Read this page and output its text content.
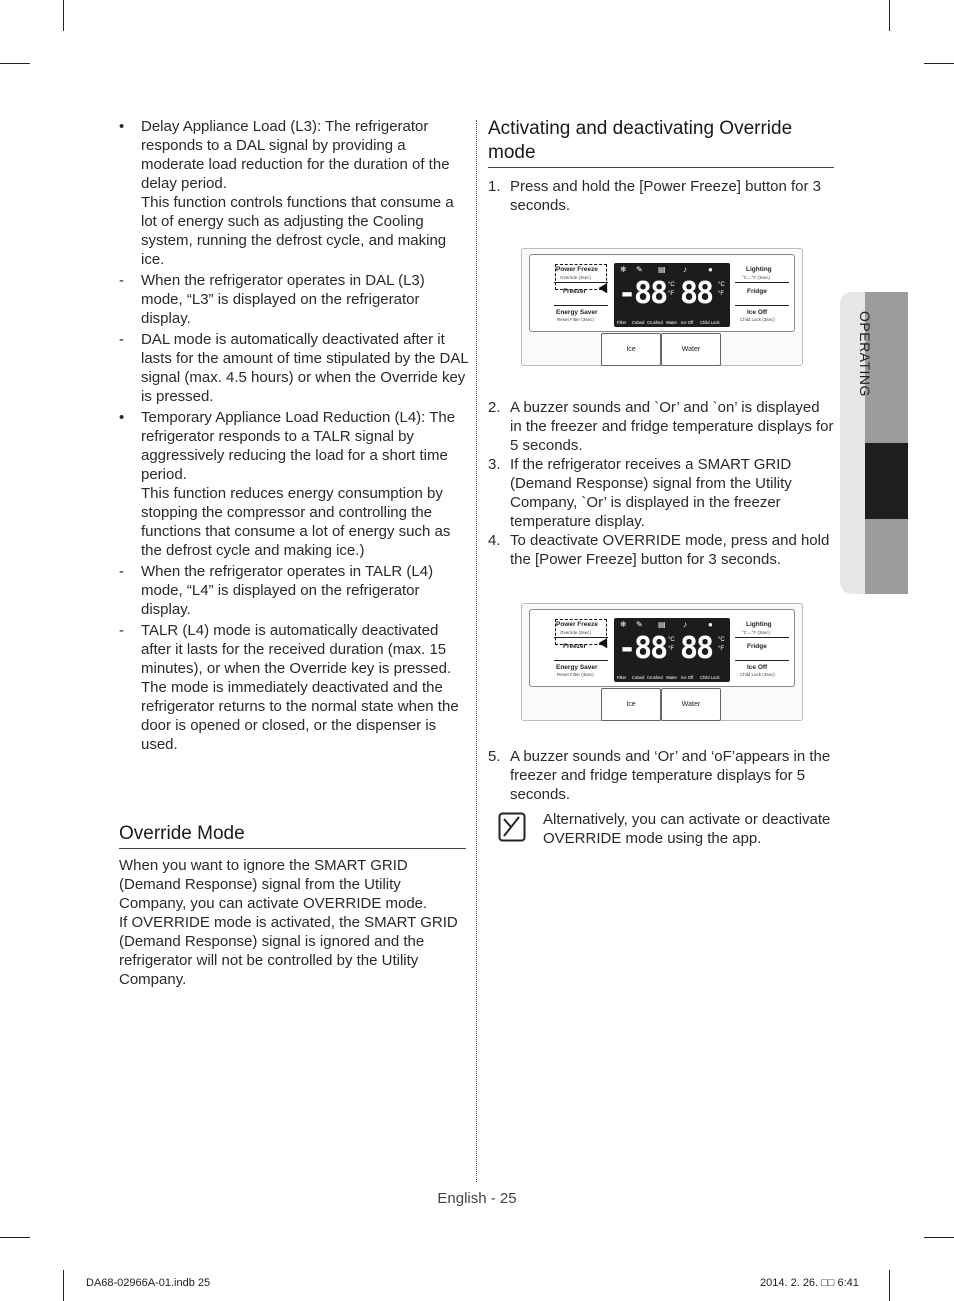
•	Delay Appliance Load (L3): The refrigerator responds to a DAL signal by providing a moderate load reduction for the duration of the delay period.

This function controls functions that consume a lot of energy such as adjusting the Cooling system, running the defrost cycle, and making ice.

-	When the refrigerator operates in DAL (L3) mode, “L3” is displayed on the refrigerator display.

-	DAL mode is automatically deactivated after it lasts for the amount of time stipulated by the DAL signal (max. 4.5 hours) or when the Override key is pressed.

•	Temporary Appliance Load Reduction (L4): The refrigerator responds to a TALR signal by aggressively reducing the load for a short time period.

This function reduces energy consumption by stopping the compressor and controlling the functions that consume a lot of energy such as the defrost cycle and making ice.)

-	When the refrigerator operates in TALR (L4) mode, “L4” is displayed on the refrigerator display.

-	TALR (L4) mode is automatically deactivated after it lasts for the received duration (max. 15 minutes), or when the Override key is pressed. The mode is immediately deactivated and the refrigerator returns to the normal state when the door is opened or closed, or the dispenser is used.

Override Mode

When you want to ignore the SMART GRID (Demand Response) signal from the Utility Company, you can activate OVERRIDE mode.

If OVERRIDE mode is activated, the SMART GRID (Demand Response) signal is ignored and the refrigerator will not be controlled by the Utility Company.

Activating and deactivating Override mode
1. Press and hold the [Power Freeze] button for 3 seconds.

Power Freeze
Override (3sec)
Freezer
Energy Saver
Reset Filter (3sec)
❄ ✎ ▤ ♪	●
-88 °C
°F 88 °C
°F
Filter Cubed Crushed Water Ice Off Child Lock
Lighting
°C↔°F (3sec)
Fridge
Ice Off
Child Lock (3sec)
Ice	Water
2. A buzzer sounds and `Or’ and `on’ is displayed in the freezer and fridge temperature displays for 5 seconds.

3. If the refrigerator receives a SMART GRID (Demand Response) signal from the Utility Company, `Or’ is displayed in the freezer temperature display.

4. To deactivate OVERRIDE mode, press and hold the [Power Freeze] button for 3 seconds.

Power Freeze
Override (3sec)
Freezer
Energy Saver
Reset Filter (3sec)
❄ ✎ ▤ ♪	●
-88 °C
°F 88 °C
°F
Filter Cubed Crushed Water Ice Off Child Lock
Lighting
°C↔°F (3sec)
Fridge
Ice Off
Child Lock (3sec)
Ice	Water
5. A buzzer sounds and ‘Or’ and ‘oF’appears in the freezer and fridge temperature displays for 5 seconds.

Alternatively, you can activate or deactivate OVERRIDE mode using the app.

OPERATING
English - 25
DA68-02966A-01.indb 25	2014. 2. 26. □□ 6:41
